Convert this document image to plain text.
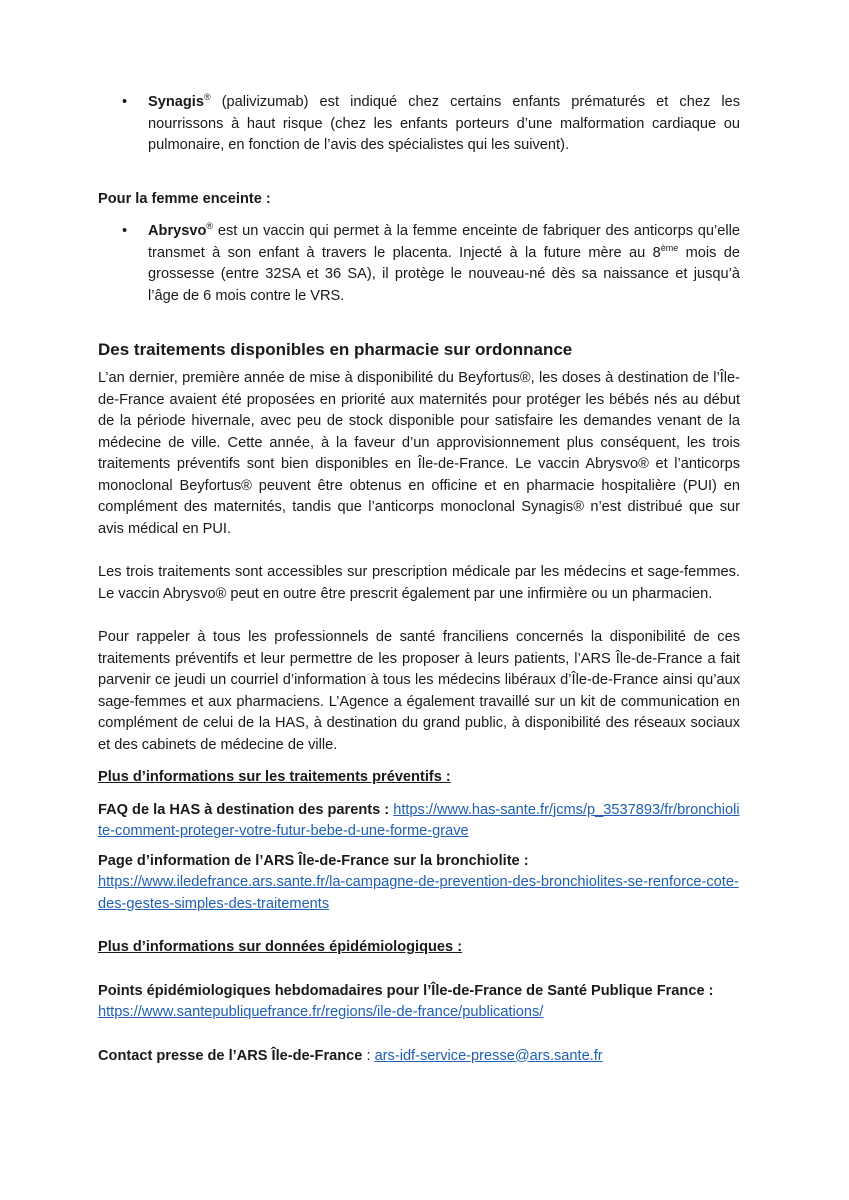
• Synagis® (palivizumab) est indiqué chez certains enfants prématurés et chez les nourrissons à haut risque (chez les enfants porteurs d’une malformation cardiaque ou pulmonaire, en fonction de l’avis des spécialistes qui les suivent).

Pour la femme enceinte :

• Abrysvo® est un vaccin qui permet à la femme enceinte de fabriquer des anticorps qu’elle transmet à son enfant à travers le placenta. Injecté à la future mère au 8ème mois de grossesse (entre 32SA et 36 SA), il protège le nouveau-né dès sa naissance et jusqu’à l’âge de 6 mois contre le VRS.
Des traitements disponibles en pharmacie sur ordonnance

L’an dernier, première année de mise à disponibilité du Beyfortus®, les doses à destination de l’Île-de-France avaient été proposées en priorité aux maternités pour protéger les bébés nés au début de la période hivernale, avec peu de stock disponible pour satisfaire les demandes venant de la médecine de ville. Cette année, à la faveur d’un approvisionnement plus conséquent, les trois traitements préventifs sont bien disponibles en Île-de-France. Le vaccin Abrysvo® et l’anticorps monoclonal Beyfortus® peuvent être obtenus en officine et en pharmacie hospitalière (PUI) en complément des maternités, tandis que l’anticorps monoclonal Synagis® n’est distribué que sur avis médical en PUI.

Les trois traitements sont accessibles sur prescription médicale par les médecins et sage-femmes. Le vaccin Abrysvo® peut en outre être prescrit également par une infirmière ou un pharmacien.

Pour rappeler à tous les professionnels de santé franciliens concernés la disponibilité de ces traitements préventifs et leur permettre de les proposer à leurs patients, l’ARS Île-de-France a fait parvenir ce jeudi un courriel d’information à tous les médecins libéraux d’Île-de-France ainsi qu’aux sage-femmes et aux pharmaciens. L’Agence a également travaillé sur un kit de communication en complément de celui de la HAS, à destination du grand public, à disponibilité des réseaux sociaux et des cabinets de médecine de ville.

Plus d’informations sur les traitements préventifs :

FAQ de la HAS à destination des parents : https://www.has-sante.fr/jcms/p_3537893/fr/bronchiolite-comment-proteger-votre-futur-bebe-d-une-forme-grave

Page d’information de l’ARS Île-de-France sur la bronchiolite :

https://www.iledefrance.ars.sante.fr/la-campagne-de-prevention-des-bronchiolites-se-renforce-cote-des-gestes-simples-des-traitements

Plus d’informations sur données épidémiologiques :

Points épidémiologiques hebdomadaires pour l’Île-de-France de Santé Publique France :

https://www.santepubliquefrance.fr/regions/ile-de-france/publications/

Contact presse de l’ARS Île-de-France : ars-idf-service-presse@ars.sante.fr
